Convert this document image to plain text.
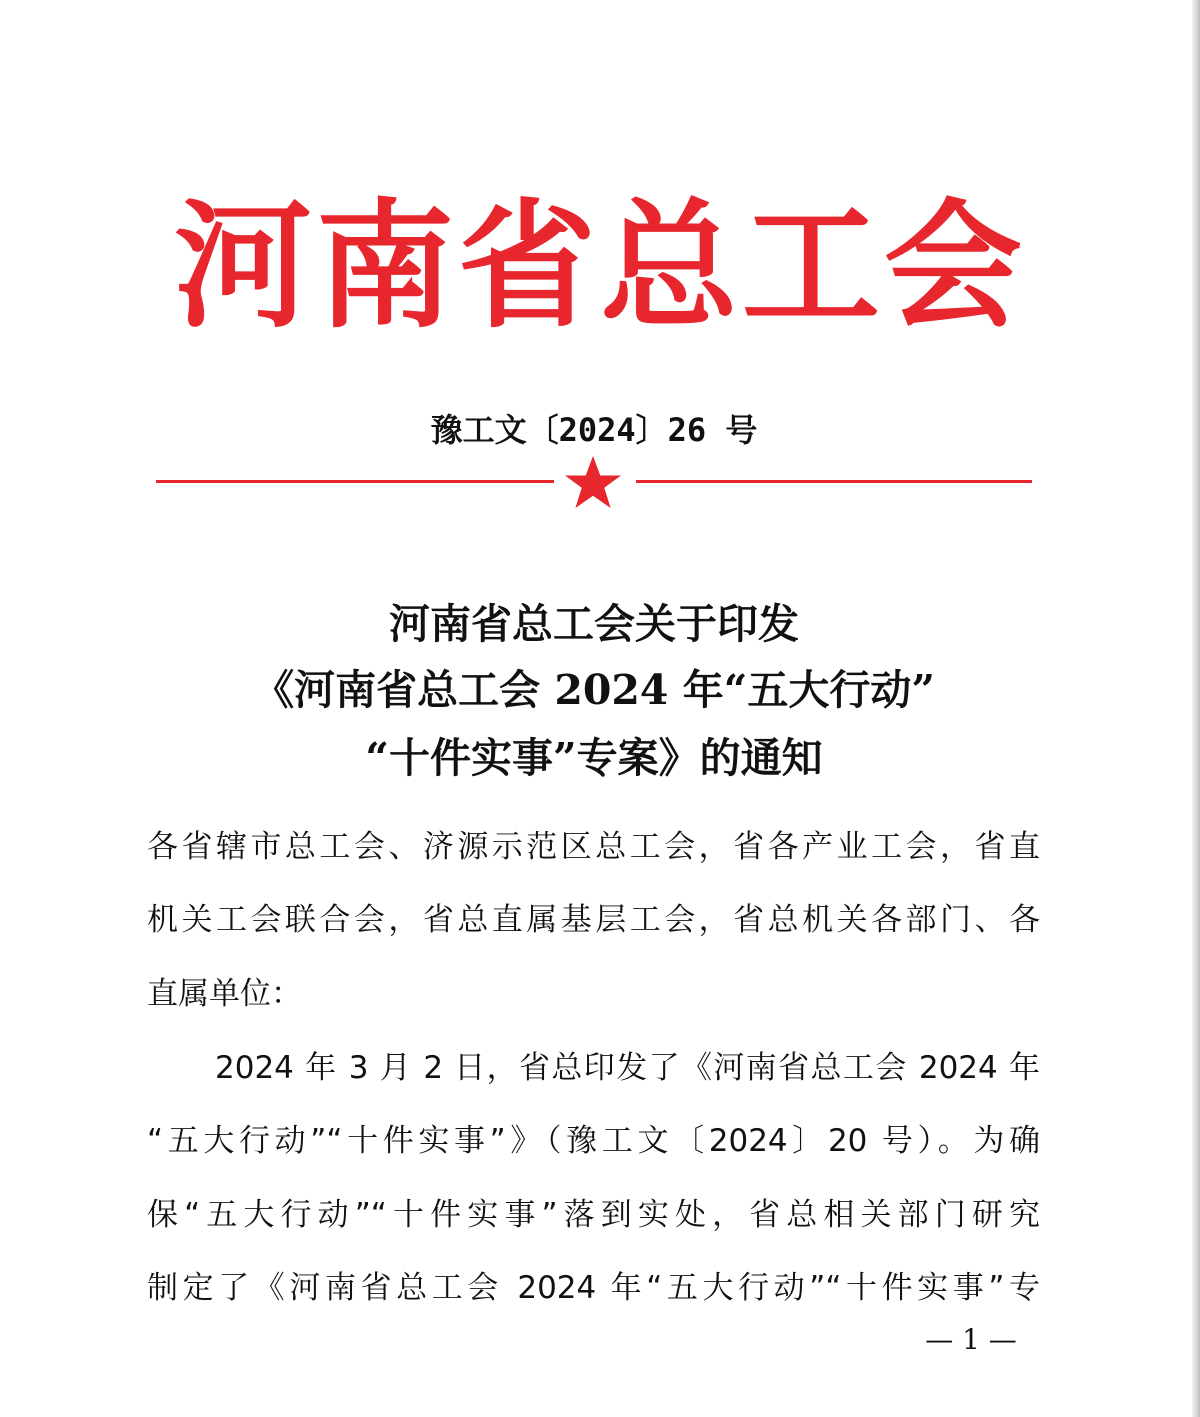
河南省总工会
豫工文〔2024〕26 号
河南省总工会关于印发
《河南省总工会 2024 年“五大行动”
“十件实事”专案》的通知
各省辖市总工会、济源示范区总工会，省各产业工会，省直
机关工会联合会，省总直属基层工会，省总机关各部门、各
直属单位：
2024 年 3 月 2 日，省总印发了《河南省总工会 2024 年
“五大行动”“十件实事”》（豫工文〔2024〕20 号）。为确
保“五大行动”“十件实事”落到实处，省总相关部门研究
制定了《河南省总工会 2024 年“五大行动”“十件实事”专
— 1 —
